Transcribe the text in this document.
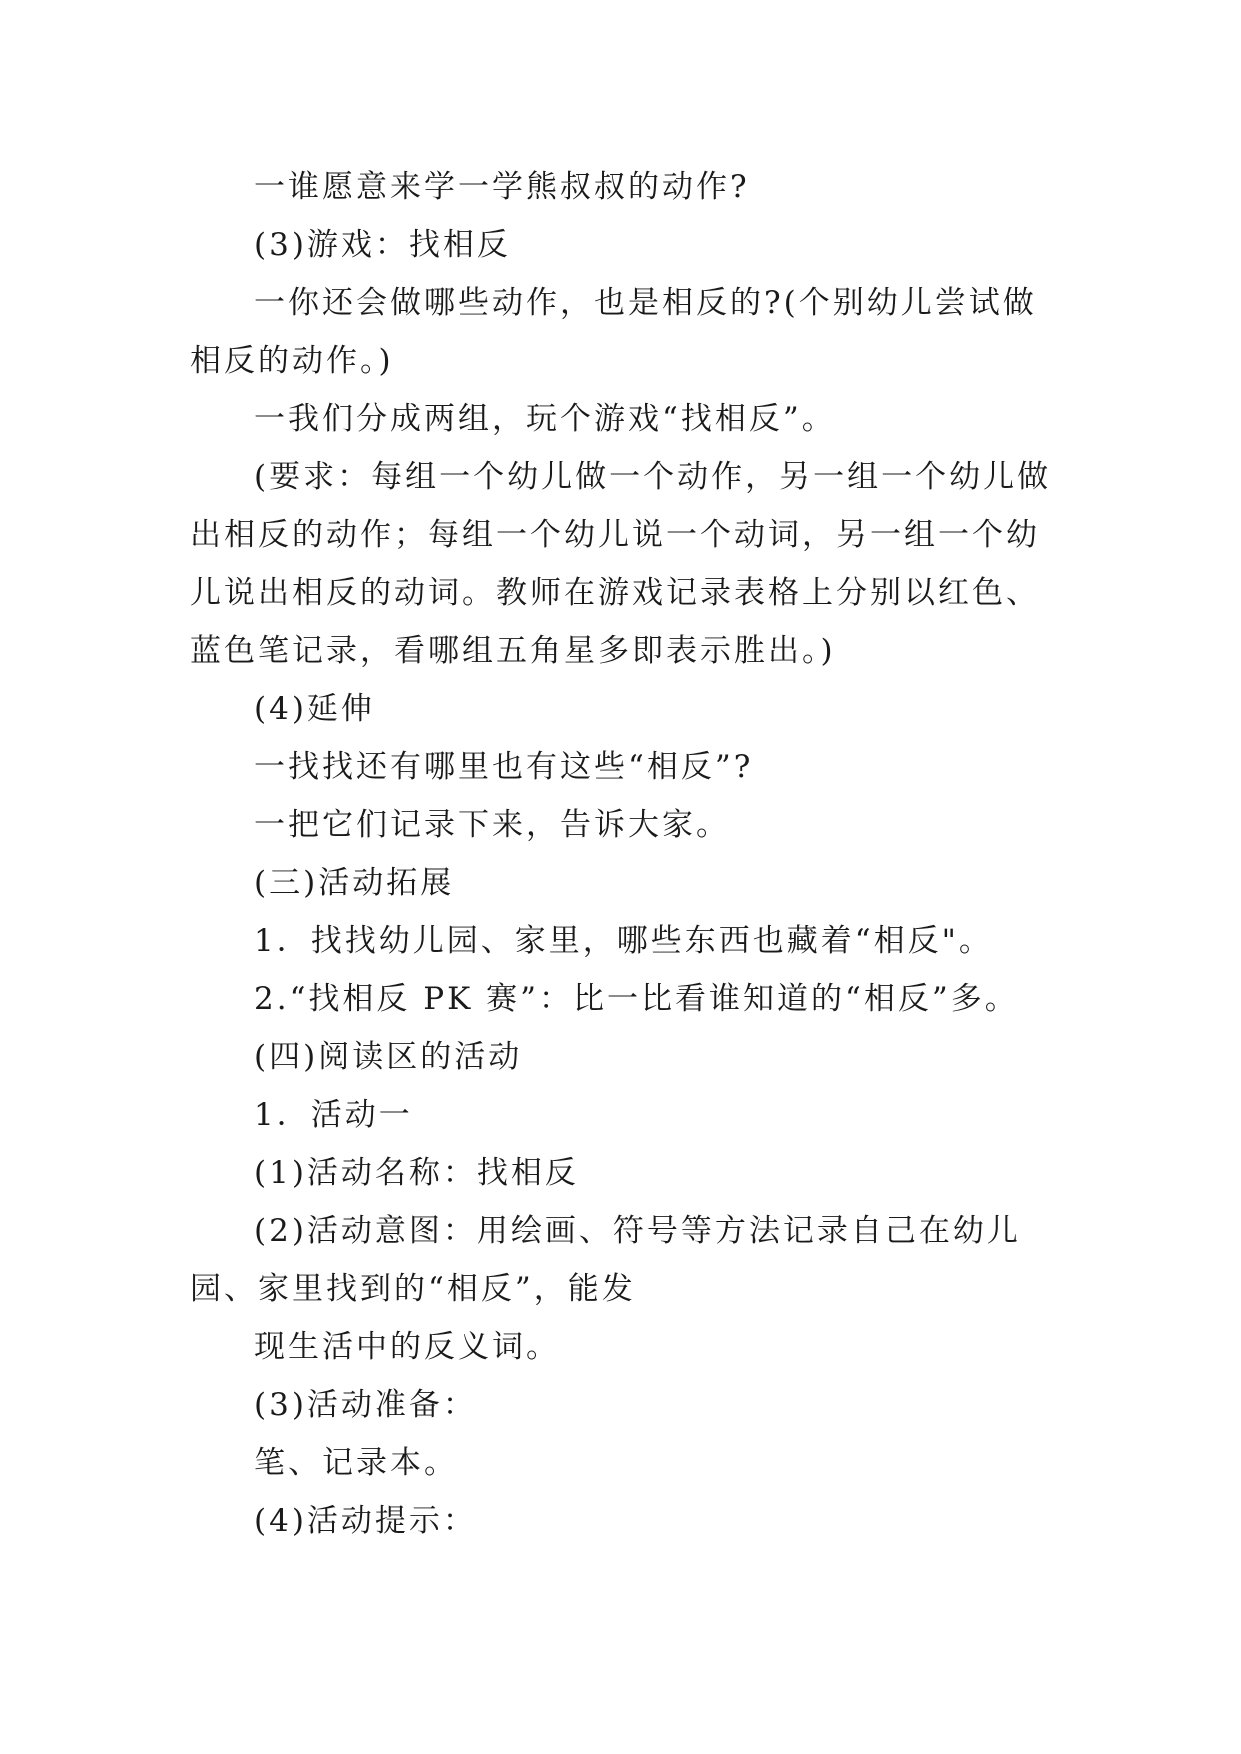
一谁愿意来学一学熊叔叔的动作?

(3)游戏：找相反

一你还会做哪些动作，也是相反的?(个别幼儿尝试做相反的动作。)

一我们分成两组，玩个游戏“找相反”。

(要求：每组一个幼儿做一个动作，另一组一个幼儿做出相反的动作；每组一个幼儿说一个动词，另一组一个幼儿说出相反的动词。教师在游戏记录表格上分别以红色、蓝色笔记录，看哪组五角星多即表示胜出。)

(4)延伸

一找找还有哪里也有这些“相反”?

一把它们记录下来，告诉大家。

(三)活动拓展

1．找找幼儿园、家里，哪些东西也藏着“相反"。

2.“找相反 PK 赛”：比一比看谁知道的“相反”多。

(四)阅读区的活动

1．活动一

(1)活动名称：找相反

(2)活动意图：用绘画、符号等方法记录自己在幼儿园、家里找到的“相反”，能发

现生活中的反义词。

(3)活动准备：

笔、记录本。

(4)活动提示：
